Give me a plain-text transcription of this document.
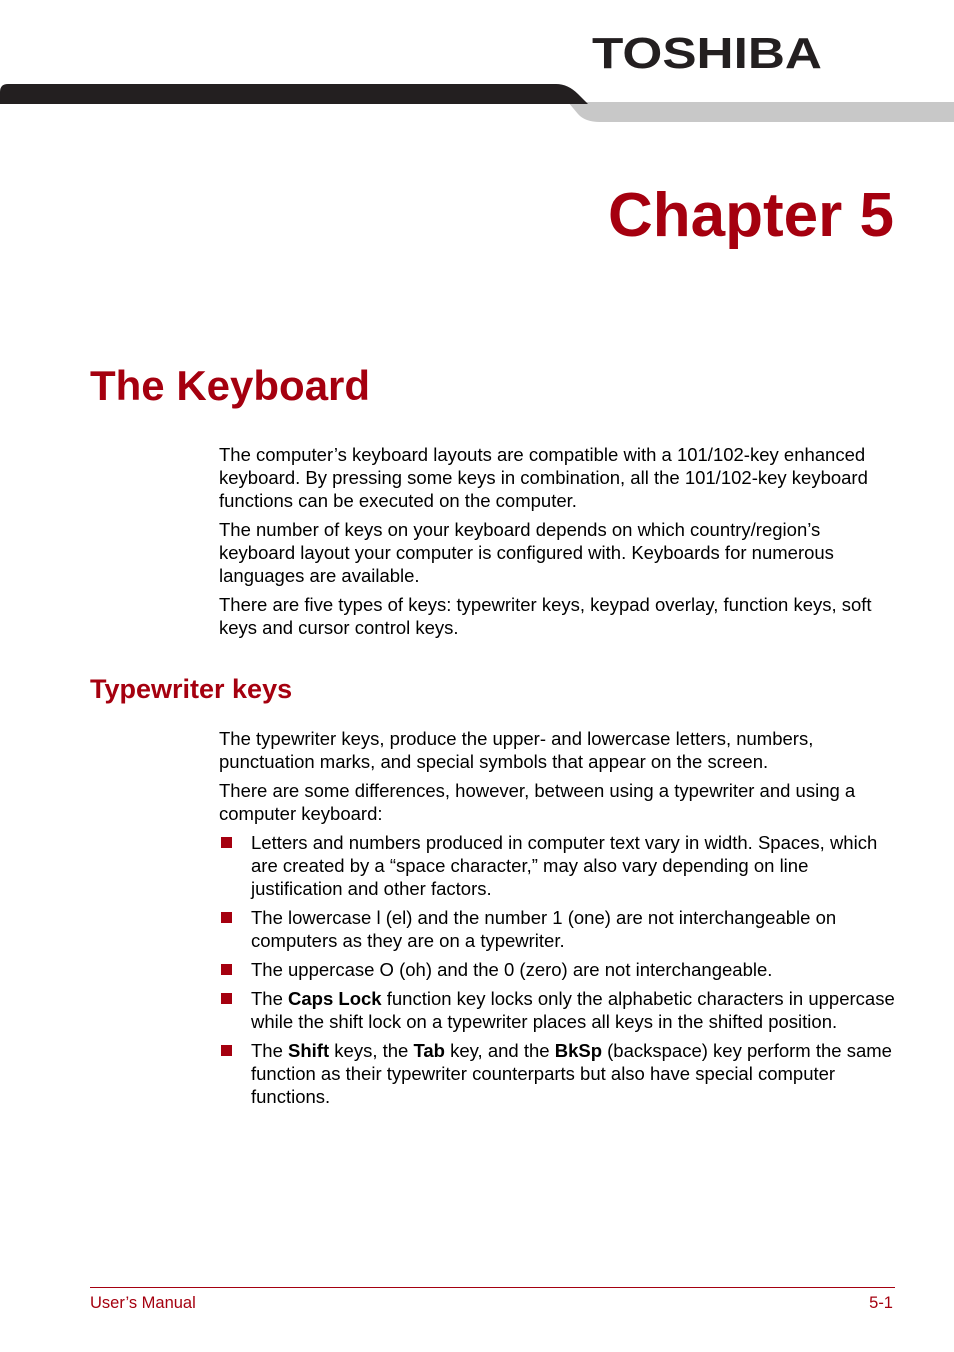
TOSHIBA
Chapter 5
The Keyboard

The computer’s keyboard layouts are compatible with a 101/102-key enhanced keyboard. By pressing some keys in combination, all the 101/102-key keyboard functions can be executed on the computer.

The number of keys on your keyboard depends on which country/region’s keyboard layout your computer is configured with. Keyboards for numerous languages are available.

There are five types of keys: typewriter keys, keypad overlay, function keys, soft keys and cursor control keys.

Typewriter keys

The typewriter keys, produce the upper- and lowercase letters, numbers, punctuation marks, and special symbols that appear on the screen.

There are some differences, however, between using a typewriter and using a computer keyboard:

Letters and numbers produced in computer text vary in width. Spaces, which are created by a “space character,” may also vary depending on line justification and other factors.
The lowercase l (el) and the number 1 (one) are not interchangeable on computers as they are on a typewriter.
The uppercase O (oh) and the 0 (zero) are not interchangeable.
The Caps Lock function key locks only the alphabetic characters in uppercase while the shift lock on a typewriter places all keys in the shifted position.
The Shift keys, the Tab key, and the BkSp (backspace) key perform the same function as their typewriter counterparts but also have special computer functions.
User’s Manual	5-1
